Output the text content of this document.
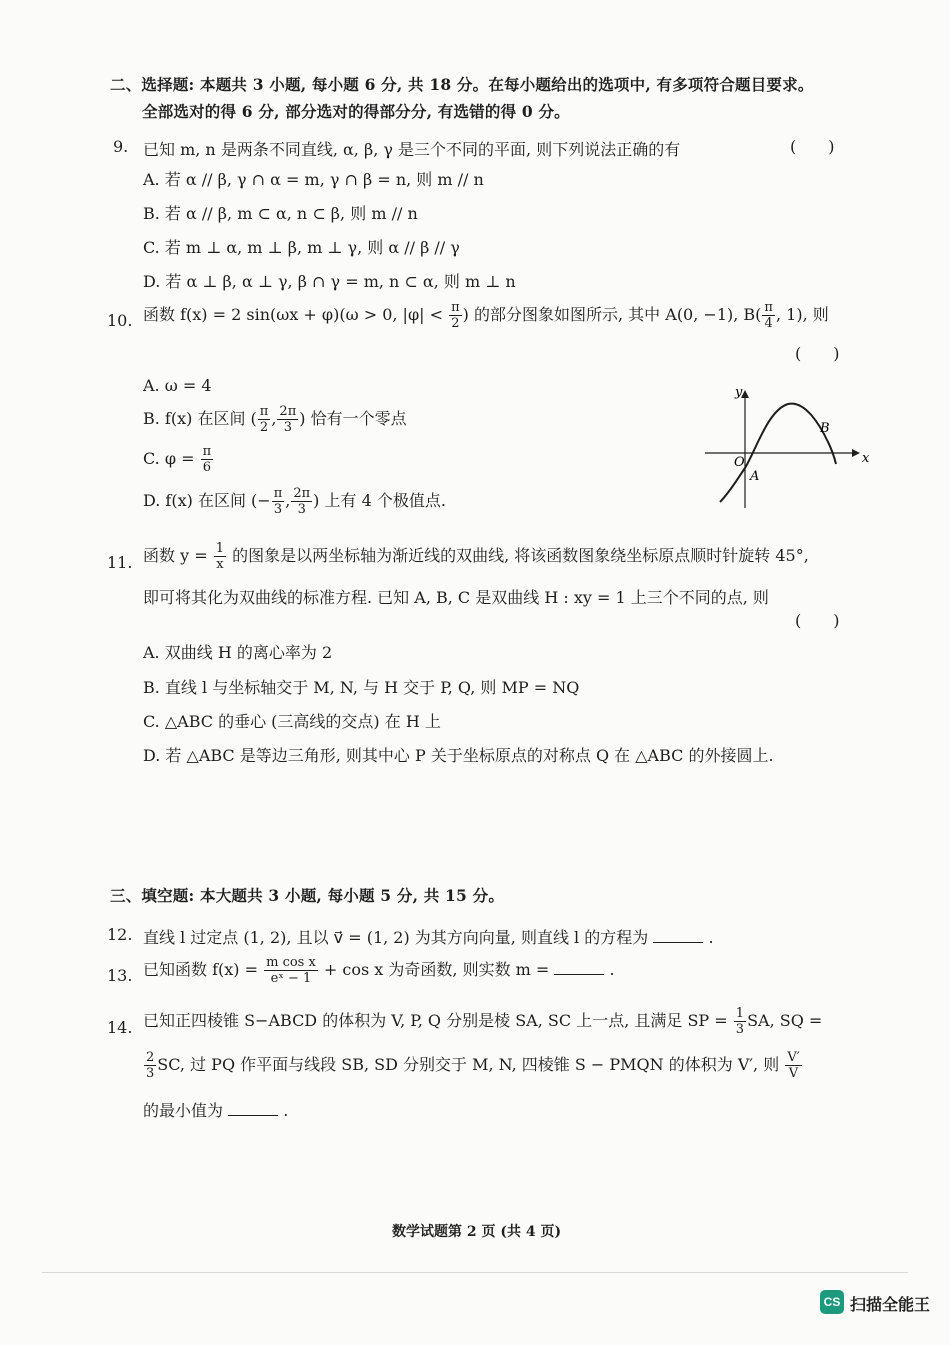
二、选择题: 本题共 3 小题, 每小题 6 分, 共 18 分。在每小题给出的选项中, 有多项符合题目要求。
全部选对的得 6 分, 部分选对的得部分分, 有选错的得 0 分。
9. 已知 m, n 是两条不同直线, α, β, γ 是三个不同的平面, 则下列说法正确的有	(　　)
A. 若 α // β, γ ∩ α = m, γ ∩ β = n, 则 m // n
B. 若 α // β, m ⊂ α, n ⊂ β, 则 m // n
C. 若 m ⊥ α, m ⊥ β, m ⊥ γ, 则 α // β // γ
D. 若 α ⊥ β, α ⊥ γ, β ∩ γ = m, n ⊂ α, 则 m ⊥ n
10. 函数 f(x) = 2 sin(ωx + φ)(ω > 0, $|\varphi| < \frac{\pi}{2}$ ) 的部分图象如图所示, 其中 A(0, −1), $B( \frac{\pi}{4}$ , 1), 则
(　　)
A. ω = 4
B. f(x) 在区间 ( $\frac{\pi}{2}$ , $\frac{2\pi}{3}$ ) 恰有一个零点
C. $\varphi = \frac{\pi}{6}$
D. f(x) 在区间 (− $\frac{\pi}{3}$ , $\frac{2\pi}{3}$ ) 上有 4 个极值点.
y
x
O
A
B
11. 函数 $y = \frac{1}{x}$ 的图象是以两坐标轴为渐近线的双曲线, 将该函数图象绕坐标原点顺时针旋转 45°,
即可将其化为双曲线的标准方程. 已知 A, B, C 是双曲线 H : xy = 1 上三个不同的点, 则
(　　)
A. 双曲线 H 的离心率为 2
B. 直线 l 与坐标轴交于 M, N, 与 H 交于 P, Q, 则 MP = NQ
C. △ABC 的垂心 (三高线的交点) 在 H 上
D. 若 △ABC 是等边三角形, 则其中心 P 关于坐标原点的对称点 Q 在 △ABC 的外接圆上.
三、填空题: 本大题共 3 小题, 每小题 5 分, 共 15 分。
12. 直线 l 过定点 (1, 2), 且以 v⃗ = (1, 2) 为其方向向量, 则直线 l 的方程为	.
13. 已知函数 $f(x) = \frac{\text{m cos x}}{\text{eˣ − 1}} + \cos x$ 为奇函数, 则实数 m =	.
14. 已知正四棱锥 S−ABCD 的体积为 V, P, Q 分别是棱 SA, SC 上一点, 且满足 SP = $\frac{1}{3}$ SA, SQ =
$\frac{2}{3}$ SC, 过 PQ 作平面与线段 SB, SD 分别交于 M, N, 四棱锥 S − PMQN 的体积为 V′, 则 $\frac{V'}{V}$
的最小值为	.
数学试题第 2 页 (共 4 页)
CS 扫描全能王
